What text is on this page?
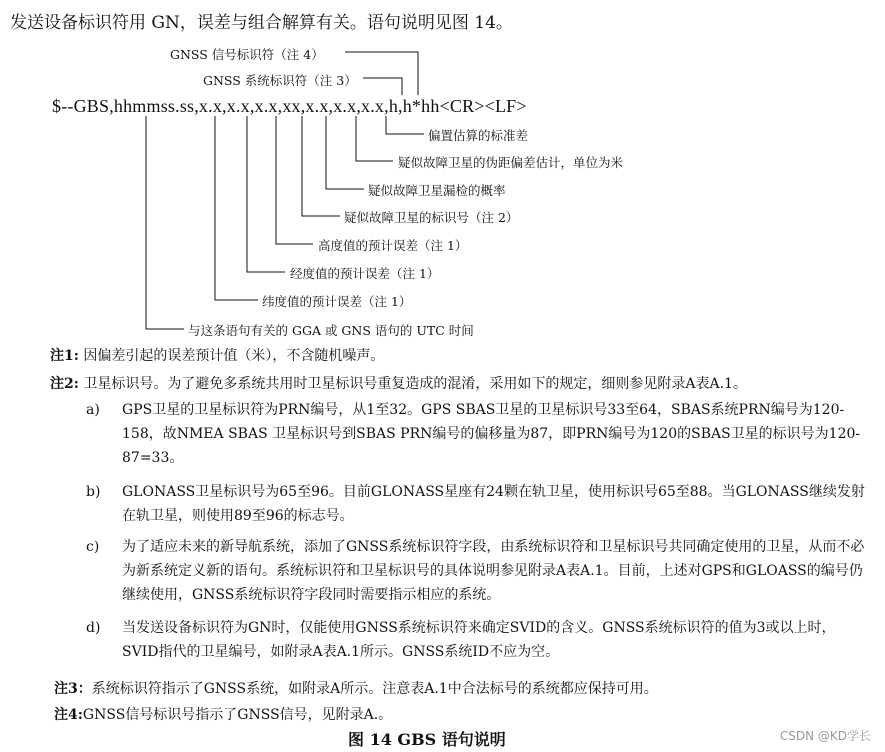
发送设备标识符用 GN，误差与组合解算有关。语句说明见图 14。
GNSS 信号标识符（注 4）
GNSS 系统标识符（注 3）
$--GBS,hhmmss.ss,x.x,x.x,x.x,xx,x.x,x.x,x.x,h,h*hh<CR><LF>
偏置估算的标准差
疑似故障卫星的伪距偏差估计，单位为米
疑似故障卫星漏检的概率
疑似故障卫星的标识号（注 2）
高度值的预计误差（注 1）
经度值的预计误差（注 1）
纬度值的预计误差（注 1）
与这条语句有关的 GGA 或 GNS 语句的 UTC 时间
注1: 因偏差引起的误差预计值（米），不含随机噪声。
注2: 卫星标识号。为了避免多系统共用时卫星标识号重复造成的混淆，采用如下的规定，细则参见附录A表A.1。
a) GPS卫星的卫星标识符为PRN编号，从1至32。GPS SBAS卫星的卫星标识号33至64，SBAS系统PRN编号为120-158，故NMEA SBAS 卫星标识号到SBAS PRN编号的偏移量为87，即PRN编号为120的SBAS卫星的标识号为120-87=33。
b) GLONASS卫星标识号为65至96。目前GLONASS星座有24颗在轨卫星，使用标识号65至88。当GLONASS继续发射在轨卫星，则使用89至96的标志号。
c) 为了适应未来的新导航系统，添加了GNSS系统标识符字段，由系统标识符和卫星标识号共同确定使用的卫星，从而不必为新系统定义新的语句。系统标识符和卫星标识号的具体说明参见附录A表A.1。目前，上述对GPS和GLOASS的编号仍继续使用，GNSS系统标识符字段同时需要指示相应的系统。
d) 当发送设备标识符为GN时，仅能使用GNSS系统标识符来确定SVID的含义。GNSS系统标识符的值为3或以上时，SVID指代的卫星编号，如附录A表A.1所示。GNSS系统ID不应为空。
注3：系统标识符指示了GNSS系统，如附录A所示。注意表A.1中合法标号的系统都应保持可用。
注4:GNSS信号标识号指示了GNSS信号，见附录A.。
图 14 GBS 语句说明	CSDN @KD学长
